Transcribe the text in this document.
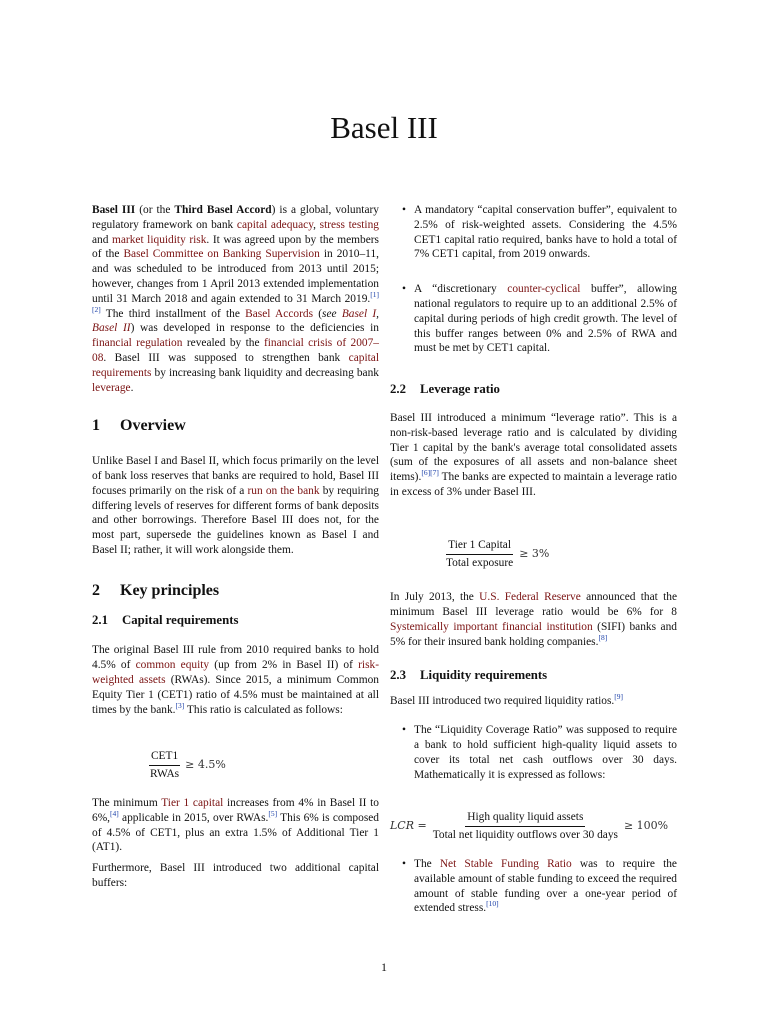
Basel III

Basel III (or the Third Basel Accord) is a global, voluntary regulatory framework on bank capital adequacy, stress testing and market liquidity risk. It was agreed upon by the members of the Basel Committee on Banking Supervision in 2010–11, and was scheduled to be introduced from 2013 until 2015; however, changes from 1 April 2013 extended implementation until 31 March 2018 and again extended to 31 March 2019.[1][2] The third installment of the Basel Accords (see Basel I, Basel II) was developed in response to the deficiencies in financial regulation revealed by the financial crisis of 2007–08. Basel III was supposed to strengthen bank capital requirements by increasing bank liquidity and decreasing bank leverage.

1 Overview

Unlike Basel I and Basel II, which focus primarily on the level of bank loss reserves that banks are required to hold, Basel III focuses primarily on the risk of a run on the bank by requiring differing levels of reserves for different forms of bank deposits and other borrowings. Therefore Basel III does not, for the most part, supersede the guidelines known as Basel I and Basel II; rather, it will work alongside them.

2 Key principles
2.1 Capital requirements

The original Basel III rule from 2010 required banks to hold 4.5% of common equity (up from 2% in Basel II) of risk-weighted assets (RWAs). Since 2015, a minimum Common Equity Tier 1 (CET1) ratio of 4.5% must be maintained at all times by the bank.[3] This ratio is calculated as follows:

$\frac{\text{CET1}}{\text{RWAs}} \ge 4.5\%$

The minimum Tier 1 capital increases from 4% in Basel II to 6%,[4] applicable in 2015, over RWAs.[5] This 6% is composed of 4.5% of CET1, plus an extra 1.5% of Additional Tier 1 (AT1).

Furthermore, Basel III introduced two additional capital buffers:

• A mandatory “capital conservation buffer”, equivalent to 2.5% of risk-weighted assets. Considering the 4.5% CET1 capital ratio required, banks have to hold a total of 7% CET1 capital, from 2019 onwards.
• A “discretionary counter-cyclical buffer”, allowing national regulators to require up to an additional 2.5% of capital during periods of high credit growth. The level of this buffer ranges between 0% and 2.5% of RWA and must be met by CET1 capital.
2.2 Leverage ratio

Basel III introduced a minimum “leverage ratio”. This is a non-risk-based leverage ratio and is calculated by dividing Tier 1 capital by the bank's average total consolidated assets (sum of the exposures of all assets and non-balance sheet items).[6][7] The banks are expected to maintain a leverage ratio in excess of 3% under Basel III.

$\frac{\text{Tier 1 Capital}}{\text{Total exposure}} \ge 3\%$

In July 2013, the U.S. Federal Reserve announced that the minimum Basel III leverage ratio would be 6% for 8 Systemically important financial institution (SIFI) banks and 5% for their insured bank holding companies.[8]

2.3 Liquidity requirements

Basel III introduced two required liquidity ratios.[9]

• The “Liquidity Coverage Ratio” was supposed to require a bank to hold sufficient high-quality liquid assets to cover its total net cash outflows over 30 days. Mathematically it is expressed as follows:
LCR = $\frac{\text{High quality liquid assets}}{\text{Total net liquidity outflows over 30 days}} \ge 100\%$
• The Net Stable Funding Ratio was to require the available amount of stable funding to exceed the required amount of stable funding over a one-year period of extended stress.[10]
1
